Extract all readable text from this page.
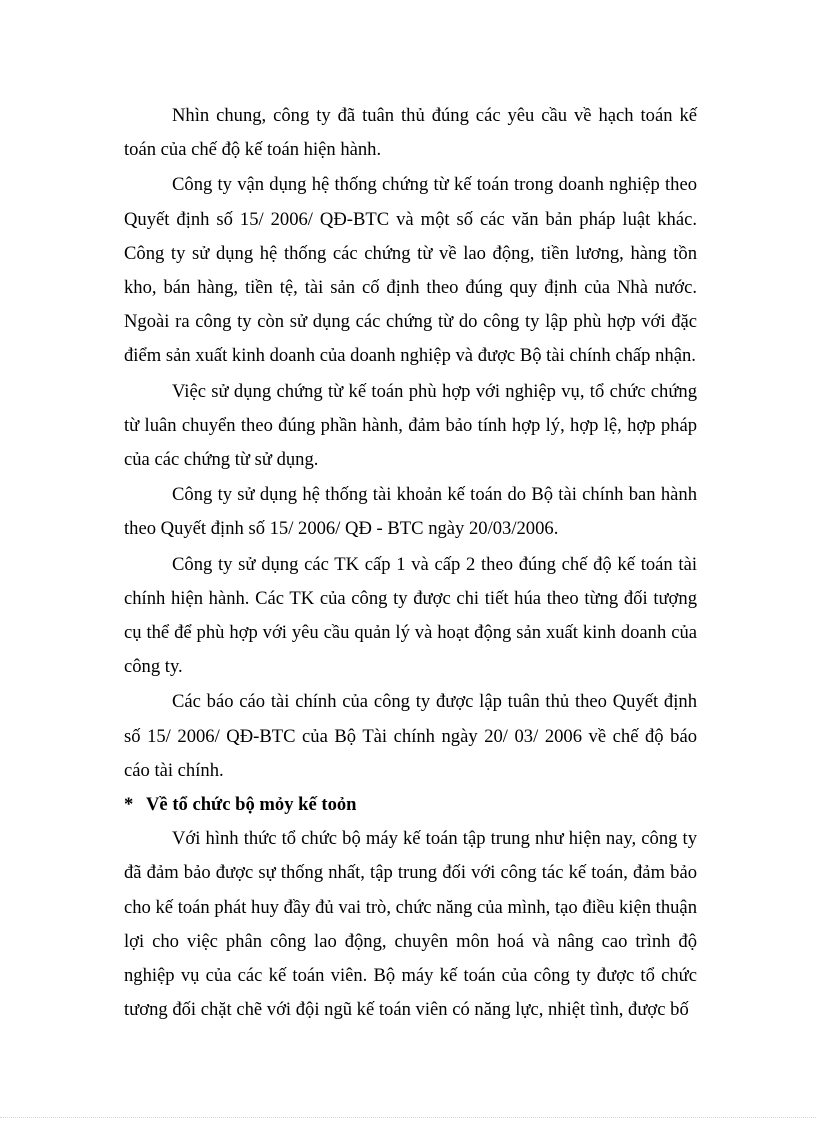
Nhìn chung, công ty đã tuân thủ đúng các yêu cầu về hạch toán kế toán của chế độ kế toán hiện hành.

Công ty vận dụng hệ thống chứng từ kế toán trong doanh nghiệp theo Quyết định số 15/ 2006/ QĐ-BTC và một số các văn bản pháp luật khác. Công ty sử dụng hệ thống các chứng từ về lao động, tiền lương, hàng tồn kho, bán hàng, tiền tệ, tài sản cố định theo đúng quy định của Nhà nước. Ngoài ra công ty còn sử dụng các chứng từ do công ty lập phù hợp với đặc điểm sản xuất kinh doanh của doanh nghiệp và được Bộ tài chính chấp nhận.

Việc sử dụng chứng từ kế toán phù hợp với nghiệp vụ, tổ chức chứng từ luân chuyển theo đúng phần hành, đảm bảo tính hợp lý, hợp lệ, hợp pháp của các chứng từ sử dụng.

Công ty sử dụng hệ thống tài khoản kế toán do Bộ tài chính ban hành theo Quyết định số 15/ 2006/ QĐ - BTC ngày 20/03/2006.

Công ty sử dụng các TK cấp 1 và cấp 2 theo đúng chế độ kế toán tài chính hiện hành. Các TK của công ty được chi tiết húa theo từng đối tượng cụ thể để phù hợp với yêu cầu quản lý và hoạt động sản xuất kinh doanh của công ty.

Các báo cáo tài chính của công ty được lập tuân thủ theo Quyết định số 15/ 2006/ QĐ-BTC của Bộ Tài chính ngày 20/ 03/ 2006 về chế độ báo cáo tài chính.

* Về tổ chức bộ mỏy kế toỏn

Với hình thức tổ chức bộ máy kế toán tập trung như hiện nay, công ty đã đảm bảo được sự thống nhất, tập trung đối với công tác kế toán, đảm bảo cho kế toán phát huy đầy đủ vai trò, chức năng của mình, tạo điều kiện thuận lợi cho việc phân công lao động, chuyên môn hoá và nâng cao trình độ nghiệp vụ của các kế toán viên. Bộ máy kế toán của công ty được tổ chức tương đối chặt chẽ với đội ngũ kế toán viên có năng lực, nhiệt tình, được bố
